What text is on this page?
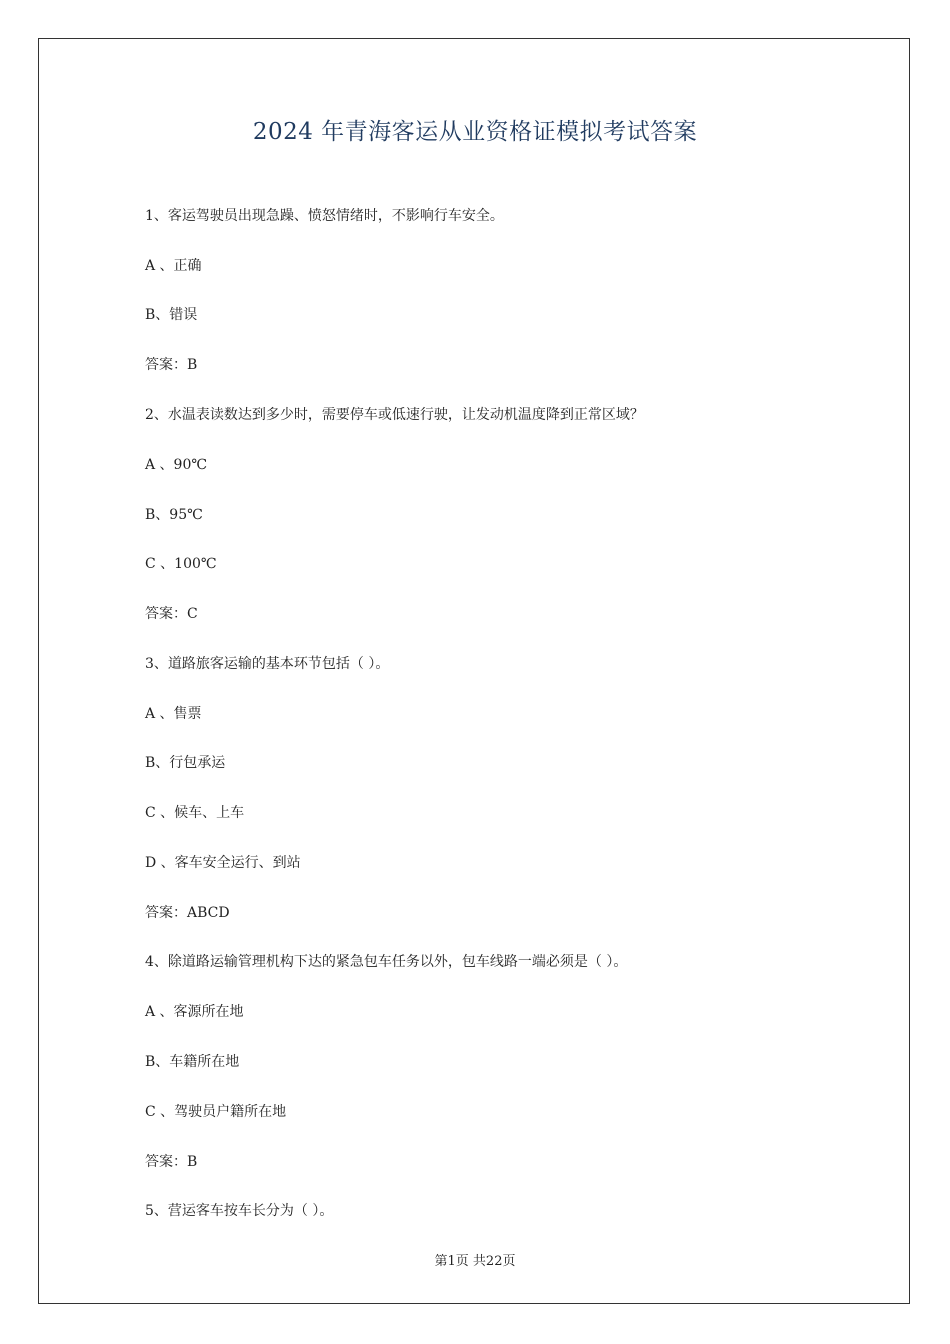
2024 年青海客运从业资格证模拟考试答案
1、客运驾驶员出现急躁、愤怒情绪时，不影响行车安全。
A 、正确
B、错误
答案：B
2、水温表读数达到多少时，需要停车或低速行驶，让发动机温度降到正常区域？
A 、90℃
B、95℃
C 、100℃
答案：C
3、道路旅客运输的基本环节包括（ ）。
A 、售票
B、行包承运
C 、候车、上车
D 、客车安全运行、到站
答案：ABCD
4、除道路运输管理机构下达的紧急包车任务以外，包车线路一端必须是（ ）。
A 、客源所在地
B、车籍所在地
C 、驾驶员户籍所在地
答案：B
5、营运客车按车长分为（ ）。
第1页 共22页
